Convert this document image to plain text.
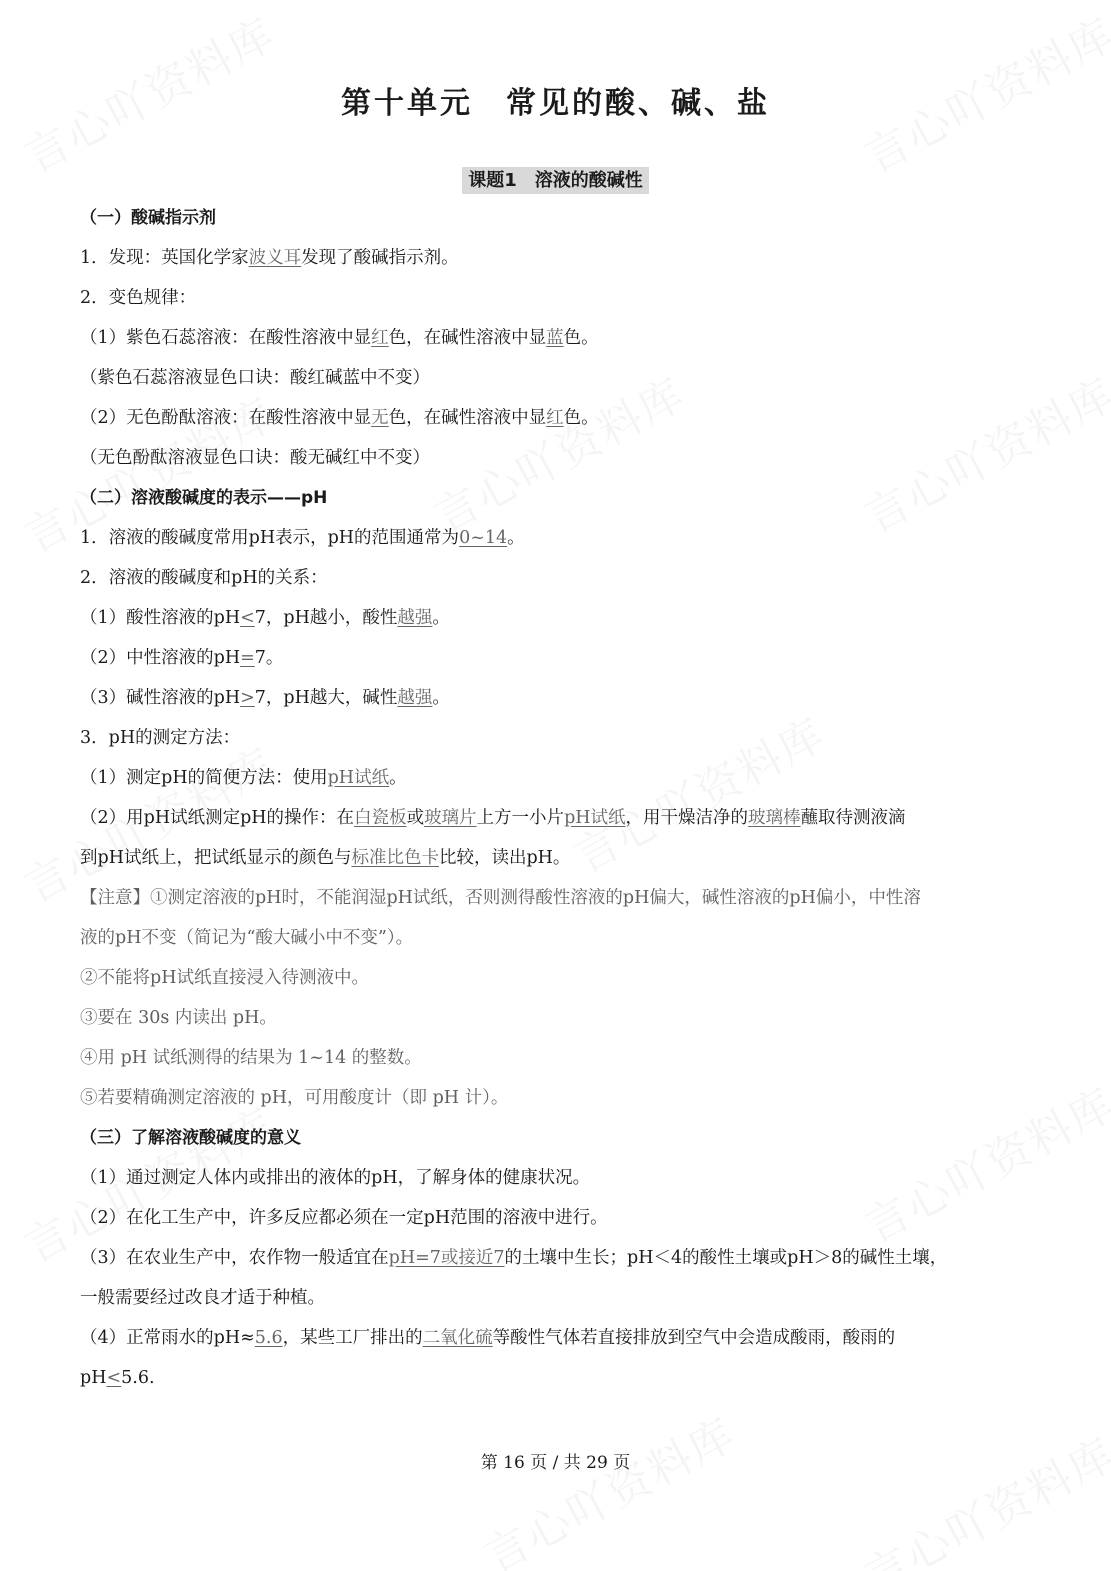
第十单元　常见的酸、碱、盐
课题1　溶液的酸碱性
（一）酸碱指示剂
1．发现：英国化学家波义耳发现了酸碱指示剂。
2．变色规律：
（1）紫色石蕊溶液：在酸性溶液中显红色，在碱性溶液中显蓝色。
（紫色石蕊溶液显色口诀：酸红碱蓝中不变）
（2）无色酚酞溶液：在酸性溶液中显无色，在碱性溶液中显红色。
（无色酚酞溶液显色口诀：酸无碱红中不变）
（二）溶液酸碱度的表示——pH
1．溶液的酸碱度常用pH表示，pH的范围通常为0~14。
2．溶液的酸碱度和pH的关系：
（1）酸性溶液的pH<7，pH越小，酸性越强。
（2）中性溶液的pH=7。
（3）碱性溶液的pH>7，pH越大，碱性越强。
3．pH的测定方法：
（1）测定pH的简便方法：使用pH试纸。
（2）用pH试纸测定pH的操作：在白瓷板或玻璃片上方一小片pH试纸，用干燥洁净的玻璃棒蘸取待测液滴
到pH试纸上，把试纸显示的颜色与标准比色卡比较，读出pH。
【注意】①测定溶液的pH时，不能润湿pH试纸，否则测得酸性溶液的pH偏大，碱性溶液的pH偏小，中性溶
液的pH不变（简记为“酸大碱小中不变”）。
②不能将pH试纸直接浸入待测液中。
③要在 30s 内读出 pH。
④用 pH 试纸测得的结果为 1~14 的整数。
⑤若要精确测定溶液的 pH，可用酸度计（即 pH 计）。
（三）了解溶液酸碱度的意义
（1）通过测定人体内或排出的液体的pH，了解身体的健康状况。
（2）在化工生产中，许多反应都必须在一定pH范围的溶液中进行。
（3）在农业生产中，农作物一般适宜在pH=7或接近7的土壤中生长；pH＜4的酸性土壤或pH＞8的碱性土壤，
一般需要经过改良才适于种植。
（4）正常雨水的pH≈5.6，某些工厂排出的二氧化硫等酸性气体若直接排放到空气中会造成酸雨，酸雨的
pH<5.6.
第 16 页 / 共 29 页
